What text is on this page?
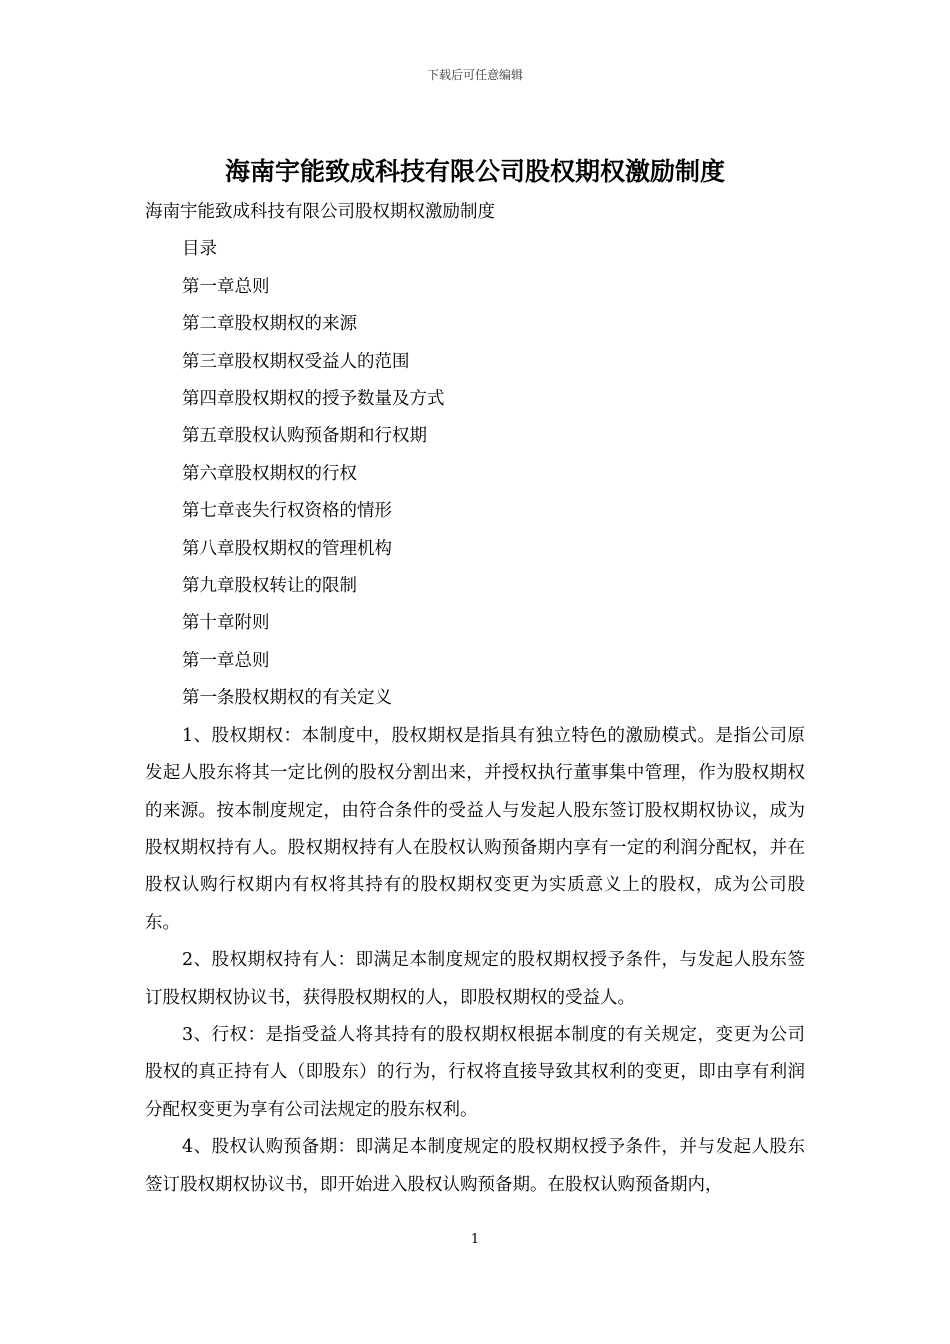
下载后可任意编辑
海南宇能致成科技有限公司股权期权激励制度

海南宇能致成科技有限公司股权期权激励制度

目录

第一章总则

第二章股权期权的来源

第三章股权期权受益人的范围

第四章股权期权的授予数量及方式

第五章股权认购预备期和行权期

第六章股权期权的行权

第七章丧失行权资格的情形

第八章股权期权的管理机构

第九章股权转让的限制

第十章附则

第一章总则

第一条股权期权的有关定义

1、股权期权：本制度中，股权期权是指具有独立特色的激励模式。是指公司原发起人股东将其一定比例的股权分割出来，并授权执行董事集中管理，作为股权期权的来源。按本制度规定，由符合条件的受益人与发起人股东签订股权期权协议，成为股权期权持有人。股权期权持有人在股权认购预备期内享有一定的利润分配权，并在股权认购行权期内有权将其持有的股权期权变更为实质意义上的股权，成为公司股东。

2、股权期权持有人：即满足本制度规定的股权期权授予条件，与发起人股东签订股权期权协议书，获得股权期权的人，即股权期权的受益人。

3、行权：是指受益人将其持有的股权期权根据本制度的有关规定，变更为公司股权的真正持有人（即股东）的行为，行权将直接导致其权利的变更，即由享有利润分配权变更为享有公司法规定的股东权利。

4、股权认购预备期：即满足本制度规定的股权期权授予条件，并与发起人股东签订股权期权协议书，即开始进入股权认购预备期。在股权认购预备期内，

1
